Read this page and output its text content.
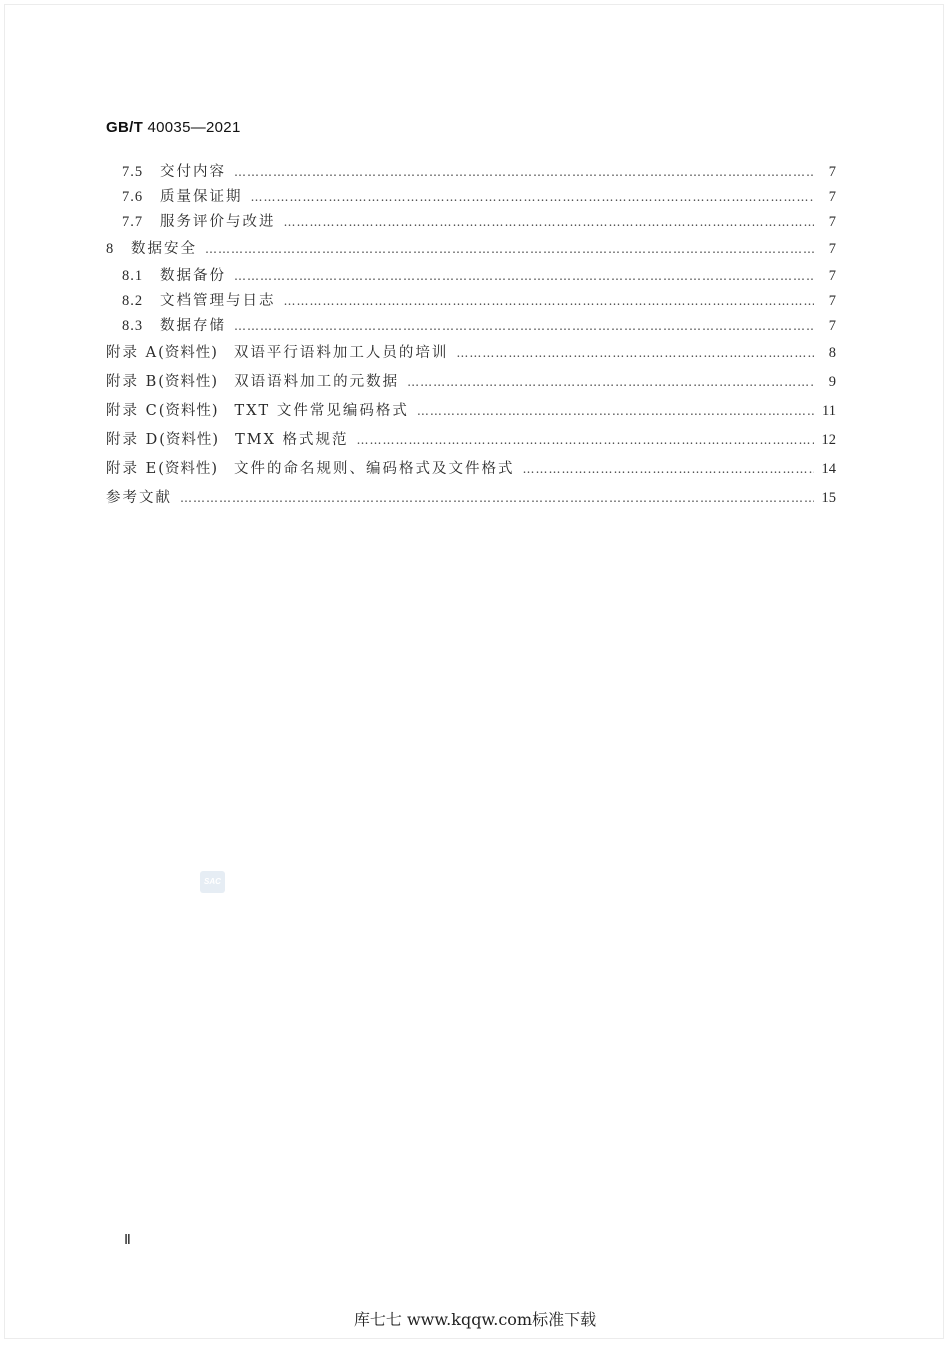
GB/T 40035—2021
7.5	交付内容 ……………………………………………………………………………………………………………………………………………………………………………………………………………………………………	7
7.6	质量保证期 ……………………………………………………………………………………………………………………………………………………………………………………………………………………………………	7
7.7	服务评价与改进 ……………………………………………………………………………………………………………………………………………………………………………………………………………………………………	7
8	数据安全 ……………………………………………………………………………………………………………………………………………………………………………………………………………………………………	7
8.1	数据备份 ……………………………………………………………………………………………………………………………………………………………………………………………………………………………………	7
8.2	文档管理与日志 ……………………………………………………………………………………………………………………………………………………………………………………………………………………………………	7
8.3	数据存储 ……………………………………………………………………………………………………………………………………………………………………………………………………………………………………	7
附录 A (资料性) 双语平行语料加工人员的培训 ……………………………………………………………………………………………………………………………………………………………………………………………………………………………………	8
附录 B (资料性) 双语语料加工的元数据 ……………………………………………………………………………………………………………………………………………………………………………………………………………………………………	9
附录 C (资料性) TXT 文件常见编码格式 ……………………………………………………………………………………………………………………………………………………………………………………………………………………………………	11
附录 D (资料性) TMX 格式规范 ……………………………………………………………………………………………………………………………………………………………………………………………………………………………………	12
附录 E (资料性) 文件的命名规则、编码格式及文件格式 ……………………………………………………………………………………………………………………………………………………………………………………………………………………………………	14
参考文献 ……………………………………………………………………………………………………………………………………………………………………………………………………………………………………	15
SAC
Ⅱ
库七七 www.kqqw.com标准下载
